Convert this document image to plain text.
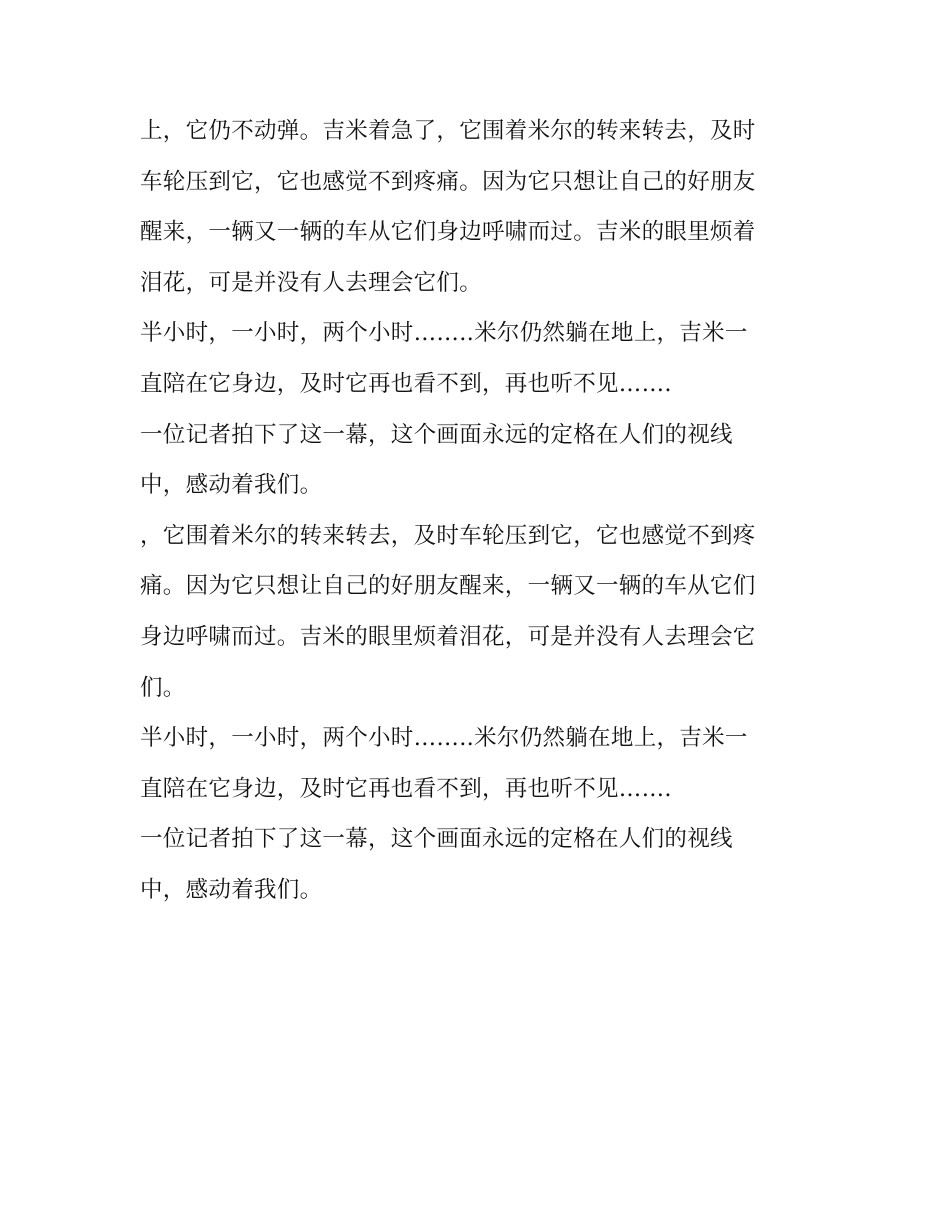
上，它仍不动弹。吉米着急了，它围着米尔的转来转去，及时
车轮压到它，它也感觉不到疼痛。因为它只想让自己的好朋友
醒来，一辆又一辆的车从它们身边呼啸而过。吉米的眼里烦着
泪花，可是并没有人去理会它们。
半小时，一小时，两个小时……..米尔仍然躺在地上，吉米一
直陪在它身边，及时它再也看不到，再也听不见…….
一位记者拍下了这一幕，这个画面永远的定格在人们的视线
中，感动着我们。
，它围着米尔的转来转去，及时车轮压到它，它也感觉不到疼
痛。因为它只想让自己的好朋友醒来，一辆又一辆的车从它们
身边呼啸而过。吉米的眼里烦着泪花，可是并没有人去理会它
们。
半小时，一小时，两个小时……..米尔仍然躺在地上，吉米一
直陪在它身边，及时它再也看不到，再也听不见…….
一位记者拍下了这一幕，这个画面永远的定格在人们的视线
中，感动着我们。
